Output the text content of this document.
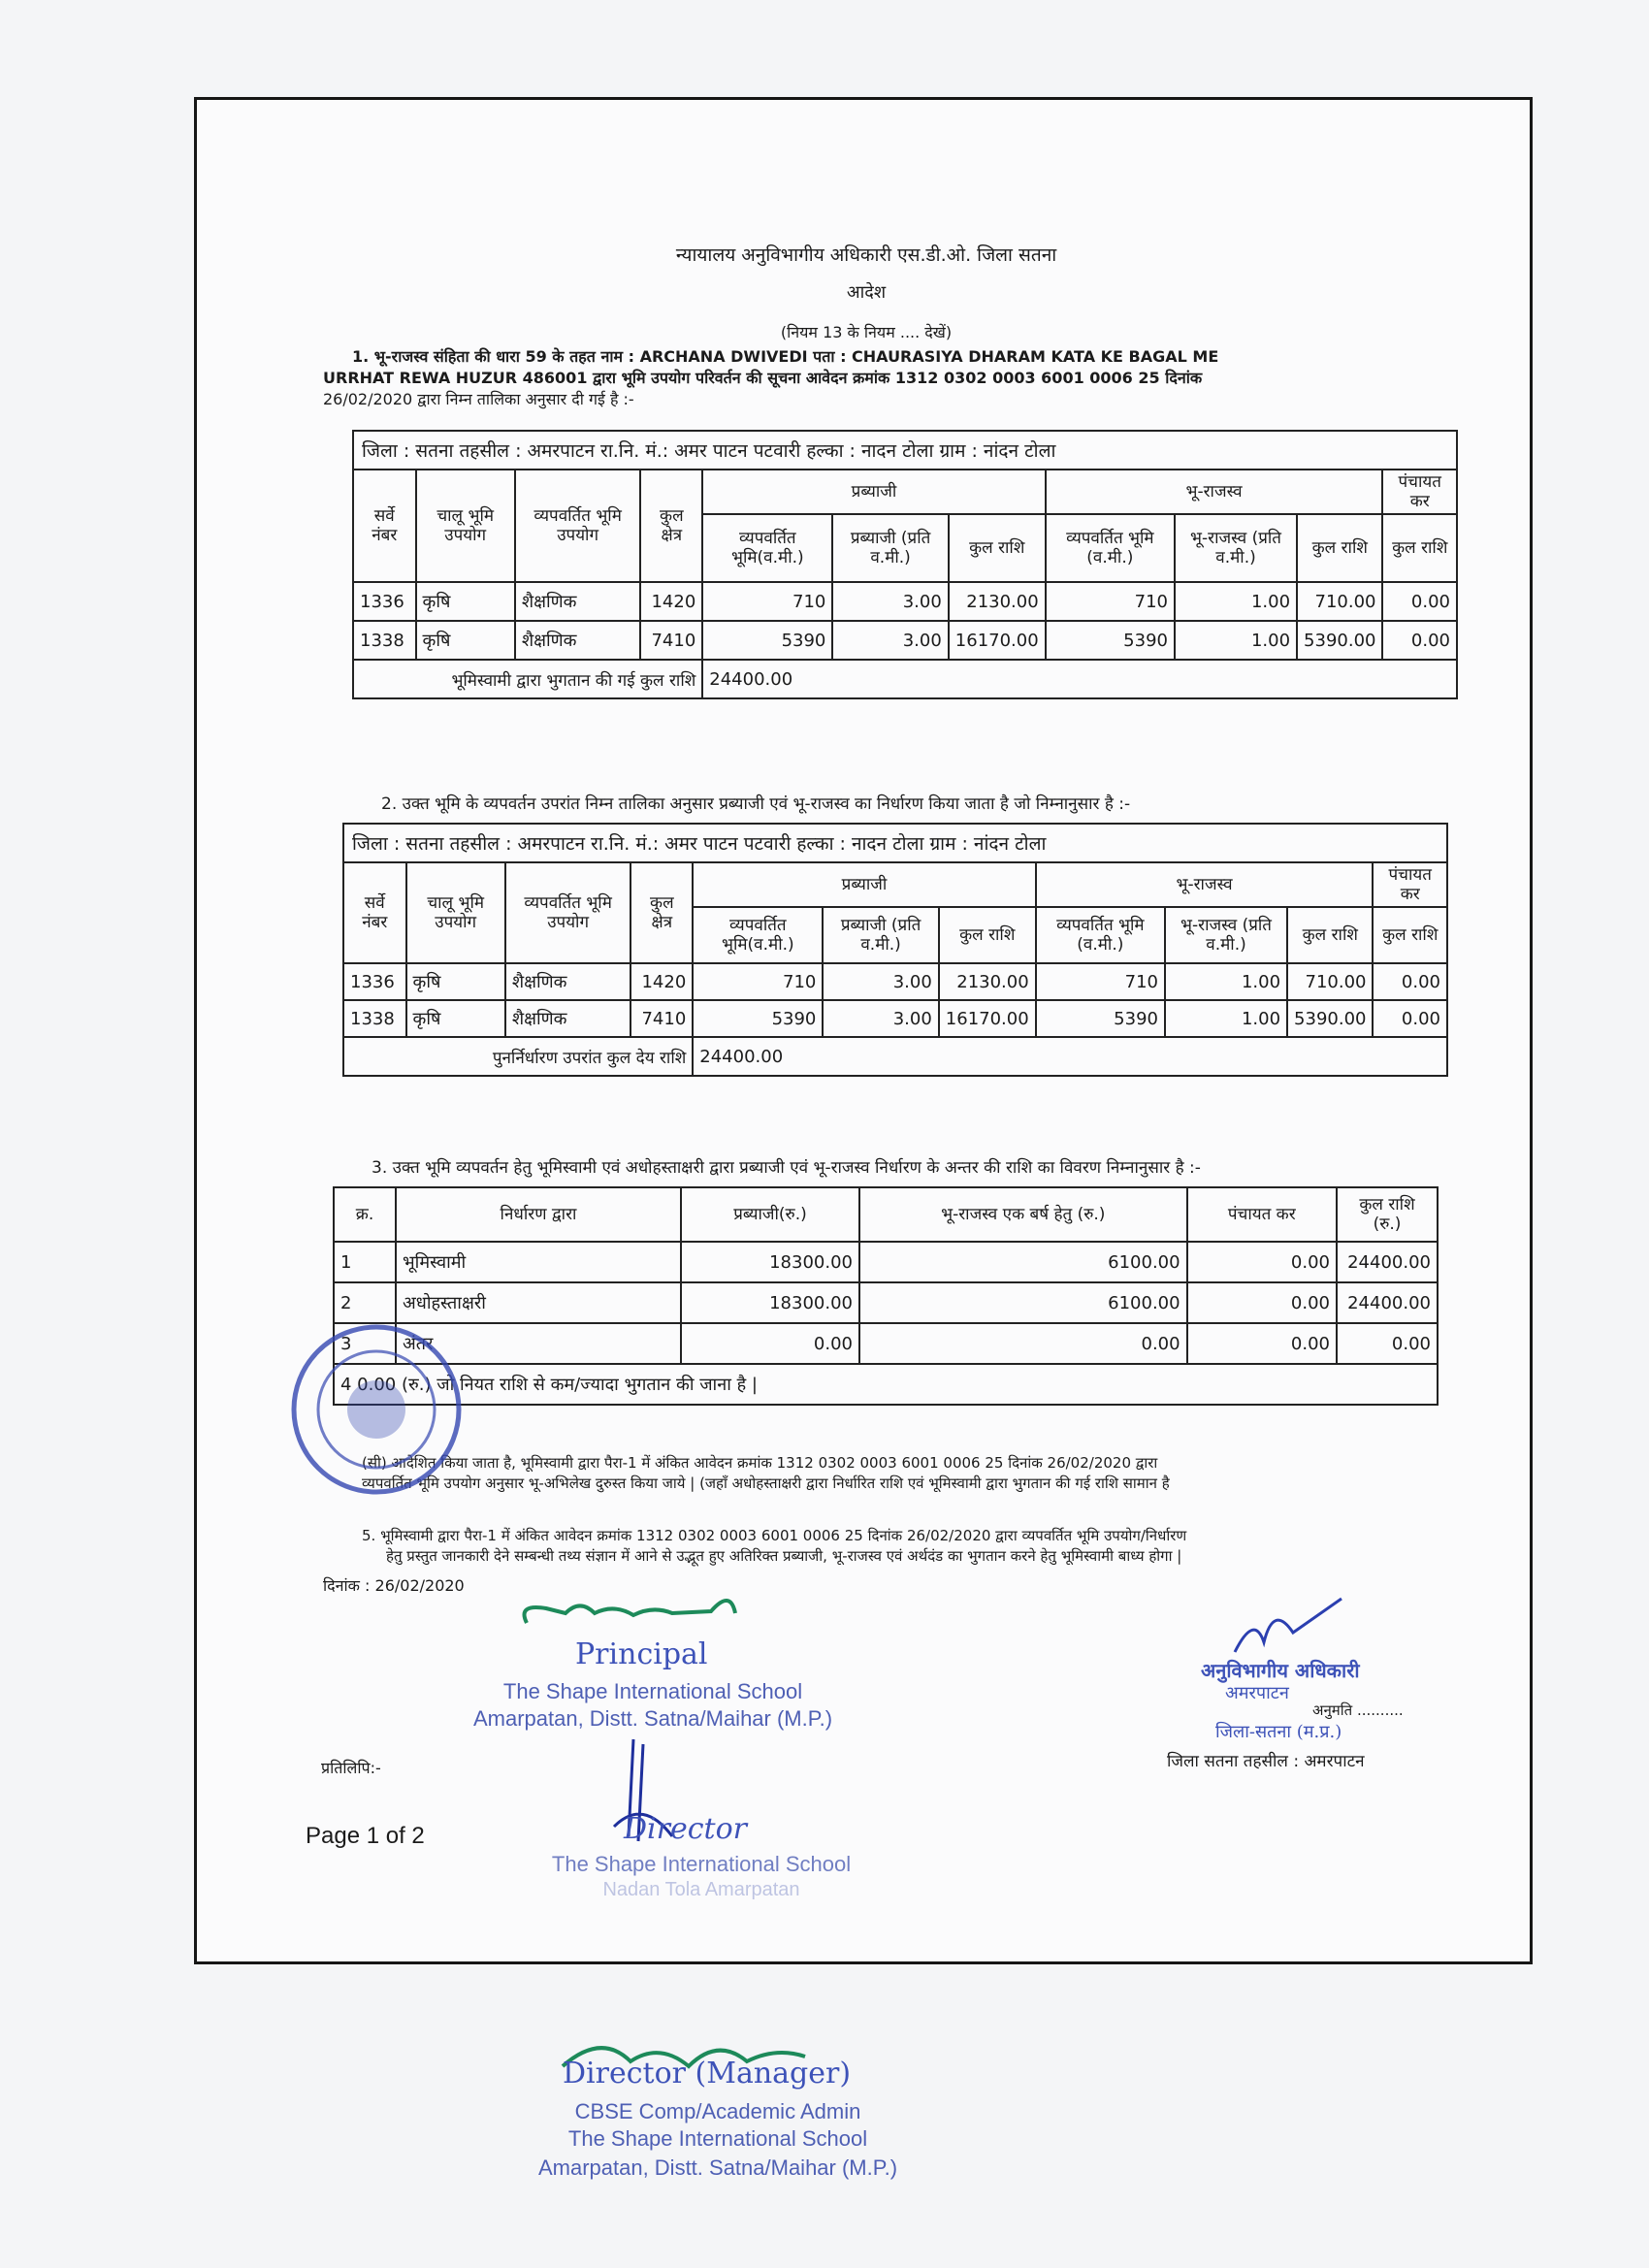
न्यायालय अनुविभागीय अधिकारी एस.डी.ओ. जिला सतना
आदेश
(नियम 13 के नियम .... देखें)
1. भू-राजस्व संहिता की धारा 59 के तहत नाम : ARCHANA DWIVEDI पता : CHAURASIYA DHARAM KATA KE BAGAL ME
URRHAT REWA HUZUR 486001 द्वारा भूमि उपयोग परिवर्तन की सूचना आवेदन क्रमांक 1312 0302 0003 6001 0006 25 दिनांक
26/02/2020 द्वारा निम्न तालिका अनुसार दी गई है :-
जिला : सतना तहसील : अमरपाटन रा.नि. मं.: अमर पाटन पटवारी हल्का : नादन टोला ग्राम : नांदन टोला										
सर्वे नंबर	चालू भूमि उपयोग	व्यपवर्तित भूमि उपयोग	कुल क्षेत्र	प्रब्याजी			भू-राजस्व			पंचायत कर
				व्यपवर्तित भूमि(व.मी.)	प्रब्याजी (प्रति व.मी.)	कुल राशि	व्यपवर्तित भूमि (व.मी.)	भू-राजस्व (प्रति व.मी.)	कुल राशि	कुल राशि
1336	कृषि	शैक्षणिक	1420	710	3.00	2130.00	710	1.00	710.00	0.00
1338	कृषि	शैक्षणिक	7410	5390	3.00	16170.00	5390	1.00	5390.00	0.00
भूमिस्वामी द्वारा भुगतान की गई कुल राशि				24400.00						
2. उक्त भूमि के व्यपवर्तन उपरांत निम्न तालिका अनुसार प्रब्याजी एवं भू-राजस्व का निर्धारण किया जाता है जो निम्नानुसार है :-
जिला : सतना तहसील : अमरपाटन रा.नि. मं.: अमर पाटन पटवारी हल्का : नादन टोला ग्राम : नांदन टोला										
सर्वे नंबर	चालू भूमि उपयोग	व्यपवर्तित भूमि उपयोग	कुल क्षेत्र	प्रब्याजी			भू-राजस्व			पंचायत कर
				व्यपवर्तित भूमि(व.मी.)	प्रब्याजी (प्रति व.मी.)	कुल राशि	व्यपवर्तित भूमि (व.मी.)	भू-राजस्व (प्रति व.मी.)	कुल राशि	कुल राशि
1336	कृषि	शैक्षणिक	1420	710	3.00	2130.00	710	1.00	710.00	0.00
1338	कृषि	शैक्षणिक	7410	5390	3.00	16170.00	5390	1.00	5390.00	0.00
पुनर्निर्धारण उपरांत कुल देय राशि				24400.00						
3. उक्त भूमि व्यपवर्तन हेतु भूमिस्वामी एवं अधोहस्ताक्षरी द्वारा प्रब्याजी एवं भू-राजस्व निर्धारण के अन्तर की राशि का विवरण निम्नानुसार है :-
क्र.	निर्धारण द्वारा	प्रब्याजी(रु.)	भू-राजस्व एक बर्ष हेतु (रु.)	पंचायत कर	कुल राशि (रु.)
1	भूमिस्वामी	18300.00	6100.00	0.00	24400.00
2	अधोहस्ताक्षरी	18300.00	6100.00	0.00	24400.00
3	अंतर	0.00	0.00	0.00	0.00
4 0.00 (रु.) जो नियत राशि से कम/ज्यादा भुगतान की जाना है |					
(सी) आदेशित किया जाता है, भूमिस्वामी द्वारा पैरा-1 में अंकित आवेदन क्रमांक 1312 0302 0003 6001 0006 25 दिनांक 26/02/2020 द्वारा
व्यपवर्तित भूमि उपयोग अनुसार भू-अभिलेख दुरुस्त किया जाये | (जहाँ अधोहस्ताक्षरी द्वारा निर्धारित राशि एवं भूमिस्वामी द्वारा भुगतान की गई राशि सामान है
5. भूमिस्वामी द्वारा पैरा-1 में अंकित आवेदन क्रमांक 1312 0302 0003 6001 0006 25 दिनांक 26/02/2020 द्वारा व्यपवर्तित भूमि उपयोग/निर्धारण
हेतु प्रस्तुत जानकारी देने सम्बन्धी तथ्य संज्ञान में आने से उद्भूत हुए अतिरिक्त प्रब्याजी, भू-राजस्व एवं अर्थदंड का भुगतान करने हेतु भूमिस्वामी बाध्य होगा |
दिनांक : 26/02/2020
Principal
The Shape International School
Amarpatan, Distt. Satna/Maihar (M.P.)
अनुविभागीय अधिकारी
अमरपाटन
अनुमति ..........
जिला-सतना (म.प्र.)
जिला सतना तहसील : अमरपाटन
प्रतिलिपि:-
Page 1 of 2	Director
The Shape International School
Nadan Tola Amarpatan
Director (Manager)
CBSE Comp/Academic Admin
The Shape International School
Amarpatan, Distt. Satna/Maihar (M.P.)
